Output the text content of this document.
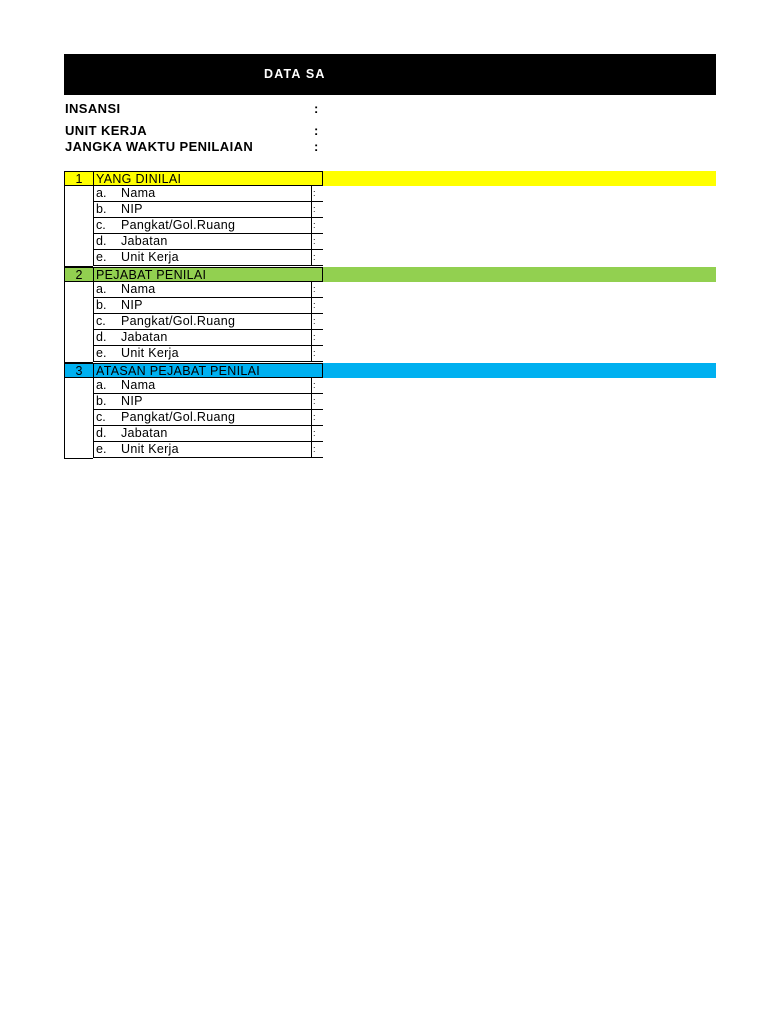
DATA SA
INSANSI	:
UNIT KERJA	:
JANGKA WAKTU PENILAIAN	:
1	YANG DINILAI
a. Nama	:
b. NIP	:
c. Pangkat/Gol.Ruang	:
d. Jabatan	:
e. Unit Kerja	:
2	PEJABAT PENILAI
a. Nama	:
b. NIP	:
c. Pangkat/Gol.Ruang	:
d. Jabatan	:
e. Unit Kerja	:
3	ATASAN PEJABAT PENILAI
a. Nama	:
b. NIP	:
c. Pangkat/Gol.Ruang	:
d. Jabatan	:
e. Unit Kerja	:
